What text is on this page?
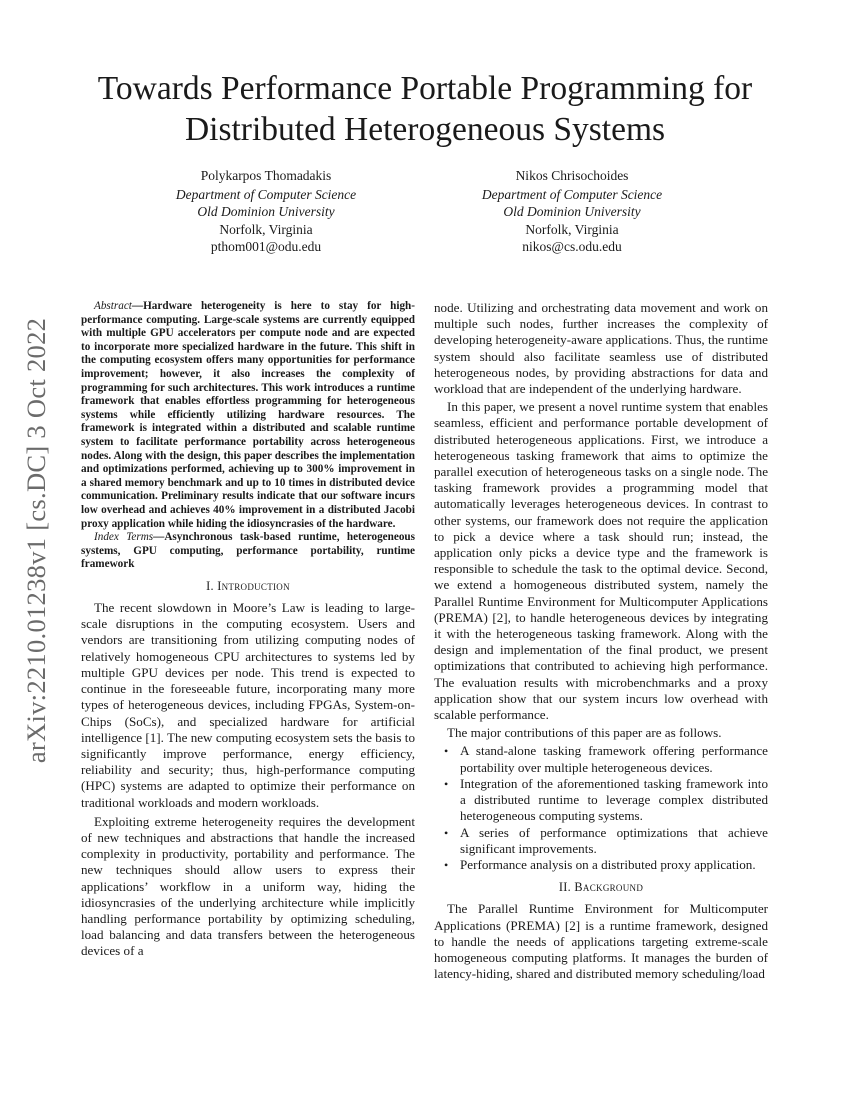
arXiv:2210.01238v1 [cs.DC] 3 Oct 2022
Towards Performance Portable Programming for
Distributed Heterogeneous Systems
Polykarpos Thomadakis
Department of Computer Science
Old Dominion University
Norfolk, Virginia
pthom001@odu.edu
Nikos Chrisochoides
Department of Computer Science
Old Dominion University
Norfolk, Virginia
nikos@cs.odu.edu

Abstract—Hardware heterogeneity is here to stay for high-performance computing. Large-scale systems are currently equipped with multiple GPU accelerators per compute node and are expected to incorporate more specialized hardware in the future. This shift in the computing ecosystem offers many opportunities for performance improvement; however, it also increases the complexity of programming for such architectures. This work introduces a runtime framework that enables effortless programming for heterogeneous systems while efficiently utilizing hardware resources. The framework is integrated within a distributed and scalable runtime system to facilitate performance portability across heterogeneous nodes. Along with the design, this paper describes the implementation and optimizations performed, achieving up to 300% improvement in a shared memory benchmark and up to 10 times in distributed device communication. Preliminary results indicate that our software incurs low overhead and achieves 40% improvement in a distributed Jacobi proxy application while hiding the idiosyncrasies of the hardware.

Index Terms—Asynchronous task-based runtime, heterogeneous systems, GPU computing, performance portability, runtime framework

I. Introduction

The recent slowdown in Moore’s Law is leading to large-scale disruptions in the computing ecosystem. Users and vendors are transitioning from utilizing computing nodes of relatively homogeneous CPU architectures to systems led by multiple GPU devices per node. This trend is expected to continue in the foreseeable future, incorporating many more types of heterogeneous devices, including FPGAs, System-on-Chips (SoCs), and specialized hardware for artificial intelligence [1]. The new computing ecosystem sets the basis to significantly improve performance, energy efficiency, reliability and security; thus, high-performance computing (HPC) systems are adapted to optimize their performance on traditional workloads and modern workloads.

Exploiting extreme heterogeneity requires the development of new techniques and abstractions that handle the increased complexity in productivity, portability and performance. The new techniques should allow users to express their applications’ workflow in a uniform way, hiding the idiosyncrasies of the underlying architecture while implicitly handling performance portability by optimizing scheduling, load balancing and data transfers between the heterogeneous devices of a

node. Utilizing and orchestrating data movement and work on multiple such nodes, further increases the complexity of developing heterogeneity-aware applications. Thus, the runtime system should also facilitate seamless use of distributed heterogeneous nodes, by providing abstractions for data and workload that are independent of the underlying hardware.

In this paper, we present a novel runtime system that enables seamless, efficient and performance portable development of distributed heterogeneous applications. First, we introduce a heterogeneous tasking framework that aims to optimize the parallel execution of heterogeneous tasks on a single node. The tasking framework provides a programming model that automatically leverages heterogeneous devices. In contrast to other systems, our framework does not require the application to pick a device where a task should run; instead, the application only picks a device type and the framework is responsible to schedule the task to the optimal device. Second, we extend a homogeneous distributed system, namely the Parallel Runtime Environment for Multicomputer Applications (PREMA) [2], to handle heterogeneous devices by integrating it with the heterogeneous tasking framework. Along with the design and implementation of the final product, we present optimizations that contributed to achieving high performance. The evaluation results with microbenchmarks and a proxy application show that our system incurs low overhead with scalable performance.

The major contributions of this paper are as follows.

• A stand-alone tasking framework offering performance portability over multiple heterogeneous devices.
• Integration of the aforementioned tasking framework into a distributed runtime to leverage complex distributed heterogeneous computing systems.
• A series of performance optimizations that achieve significant improvements.
• Performance analysis on a distributed proxy application.
II. Background

The Parallel Runtime Environment for Multicomputer Applications (PREMA) [2] is a runtime framework, designed to handle the needs of applications targeting extreme-scale homogeneous computing platforms. It manages the burden of latency-hiding, shared and distributed memory scheduling/load
